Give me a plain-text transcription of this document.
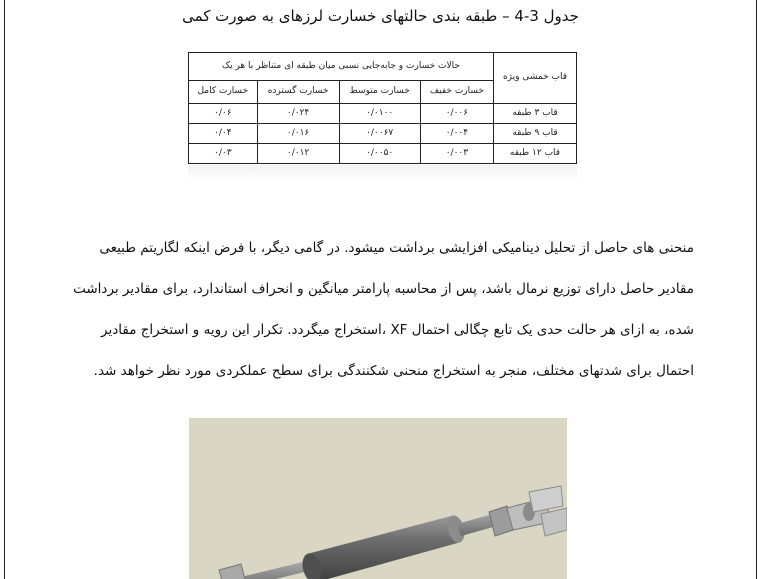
جدول 4-3 – طبقه بندی حالتهای خسارت لرزهای به صورت کمی
قاب خمشی ویژه	حالات خسارت و جابه‌جایی نسبی میان طبقه ای متناظر با هر یک			
	خسارت خفیف	خسارت متوسط	خسارت گسترده	خسارت کامل
قاب ۳ طبقه	۰/۰۰۶	۰/۰۱۰۰	۰/۰۲۴	۰/۰۶
قاب ۹ طبقه	۰/۰۰۴	۰/۰۰۶۷	۰/۰۱۶	۰/۰۴
قاب ۱۲ طبقه	۰/۰۰۳	۰/۰۰۵۰	۰/۰۱۲	۰/۰۳

منحنی های حاصل از تحلیل دینامیکی افزایشی برداشت میشود. در گامی دیگر، با فرض اینکه لگاریتم طبیعی

مقادیر حاصل دارای توزیع نرمال باشد، پس از محاسبه پارامتر میانگین و انحراف استاندارد، برای مقادیر برداشت

شده، به ازای هر حالت حدی یک تابع چگالی احتمال XF ،استخراج میگردد. تکرار این رویه و استخراج مقادیر

احتمال برای شدتهای مختلف، منجر به استخراج منحنی شکنندگی برای سطح عملکردی مورد نظر خواهد شد.
